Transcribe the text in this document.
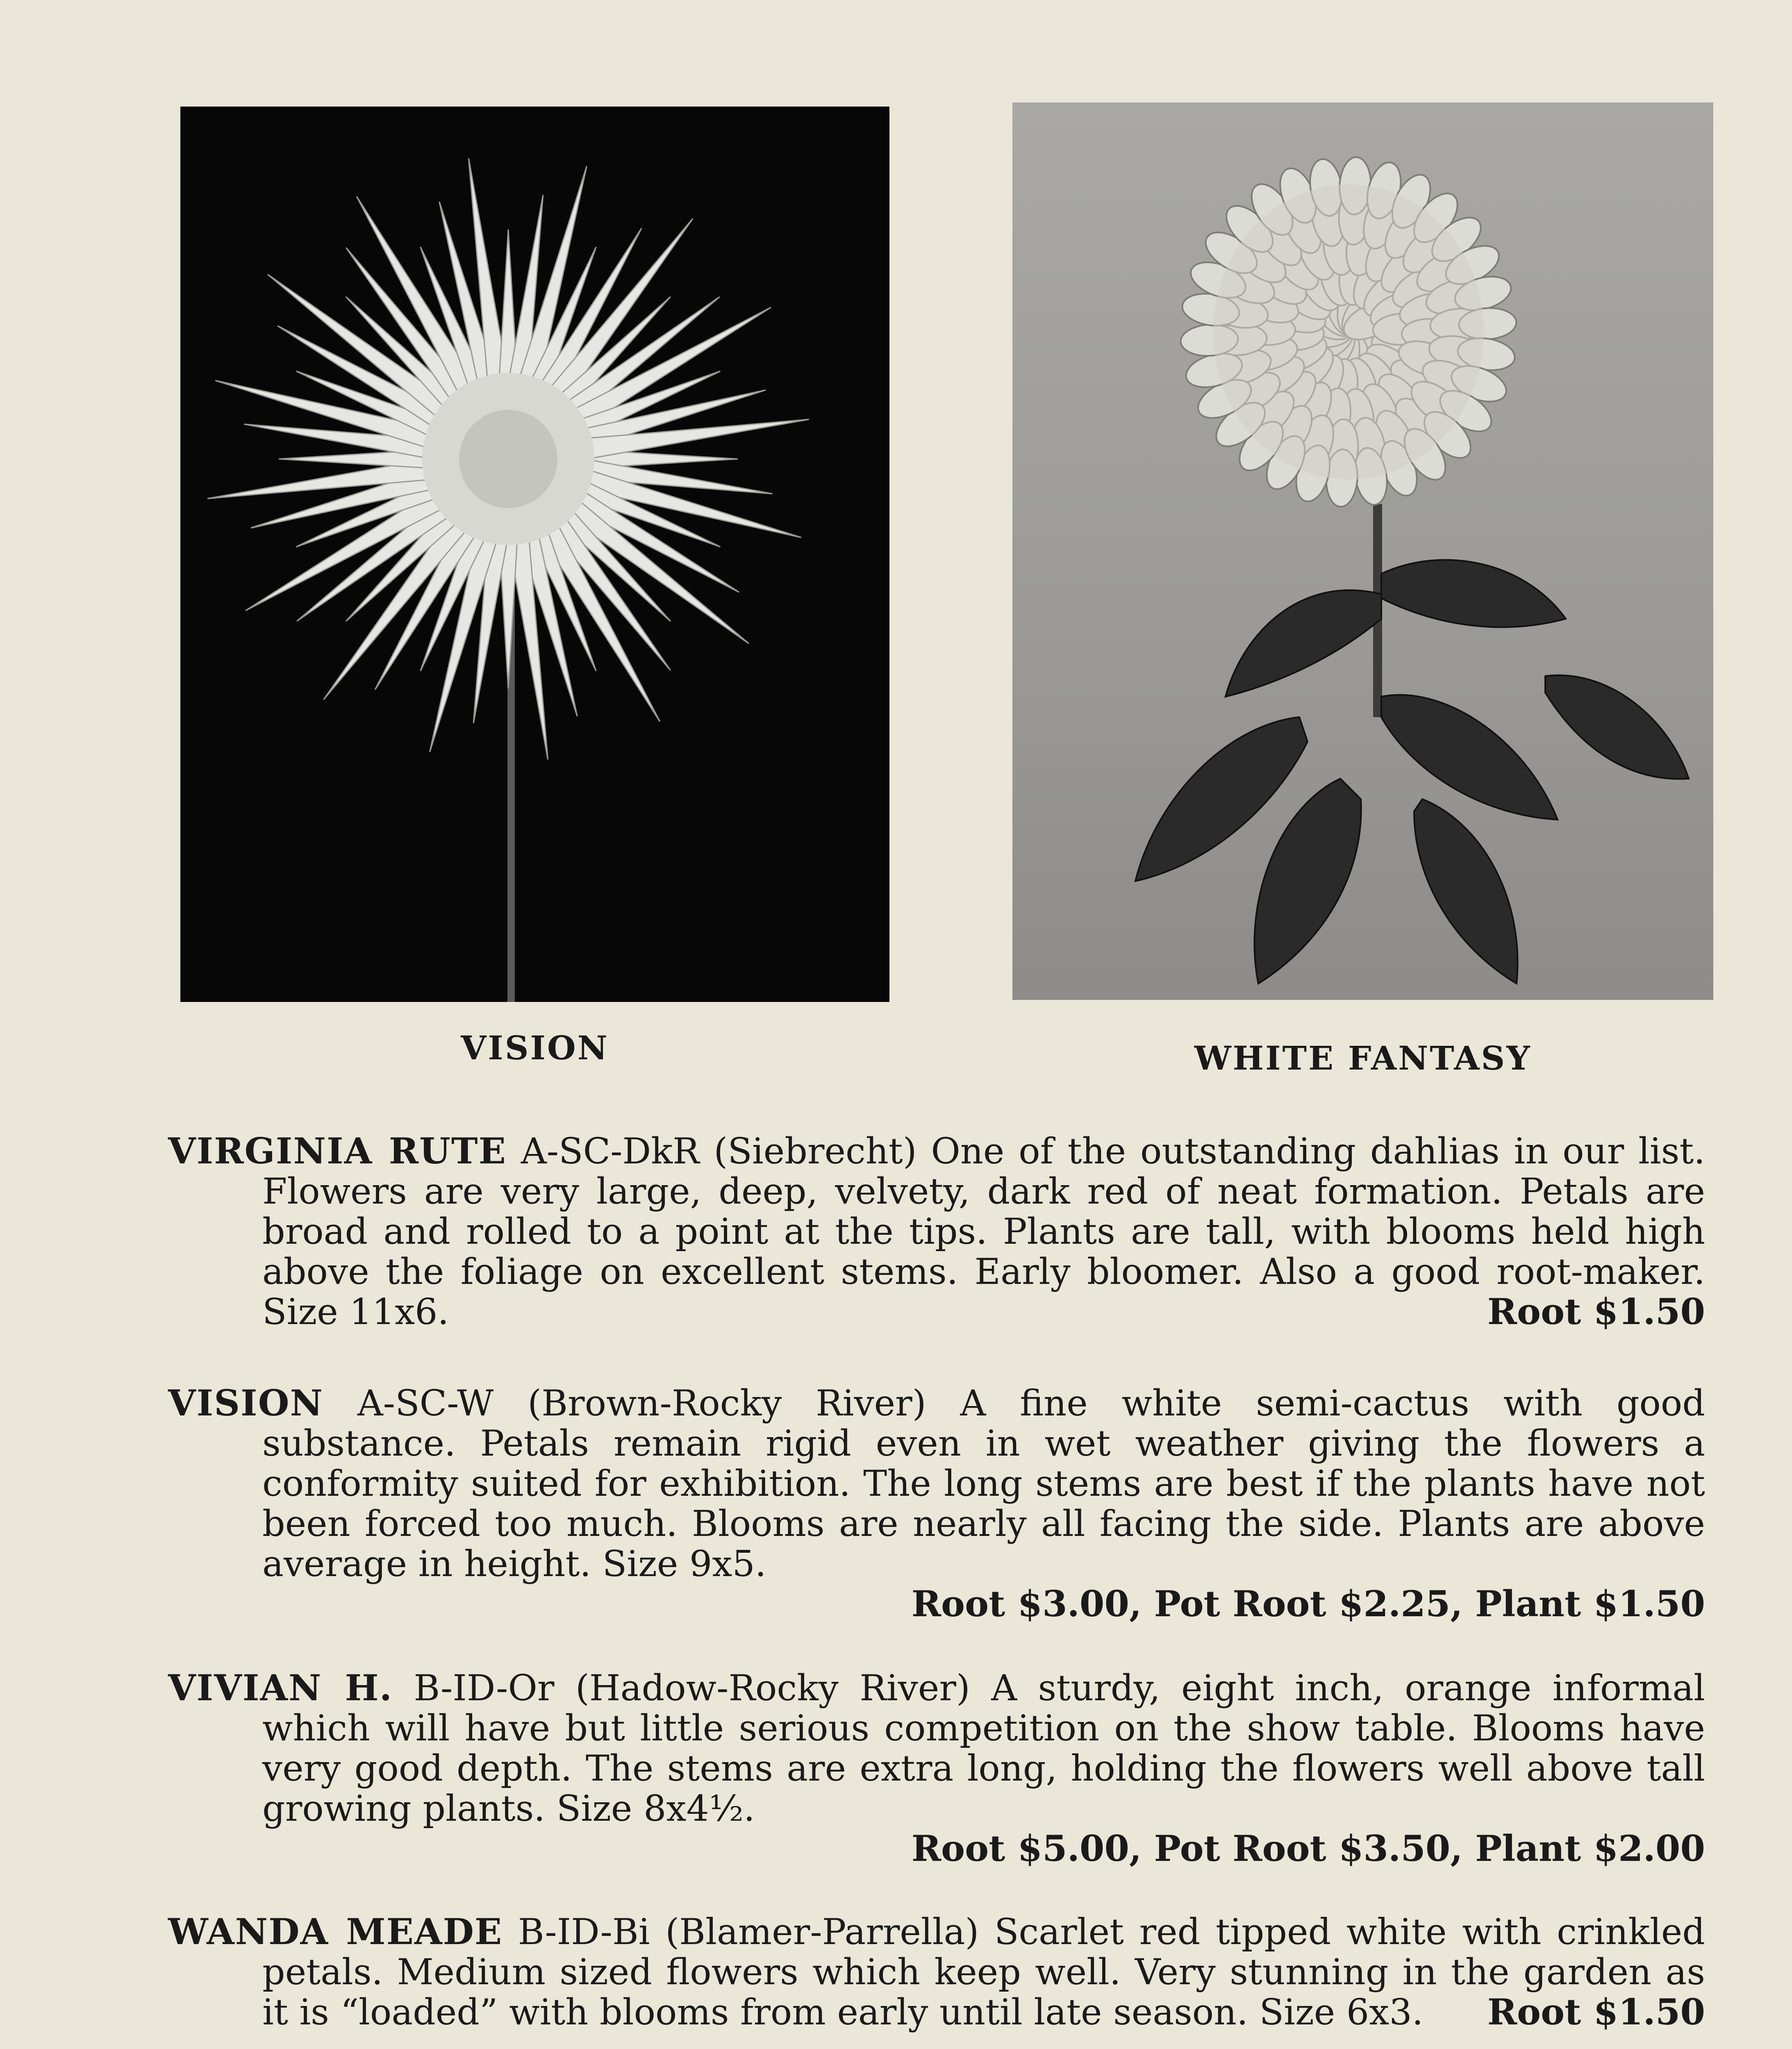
VISION	WHITE FANTASY

VIRGINIA RUTE A-SC-DkR (Siebrecht) One of the outstanding dahlias in our list. Flowers are very large, deep, velvety, dark red of neat formation. Petals are broad and rolled to a point at the tips. Plants are tall, with blooms held high above the foliage on excellent stems. Early bloomer. Also a good root-maker. Size 11x6.	Root $1.50

VISION A-SC-W (Brown-Rocky River) A fine white semi-cactus with good substance. Petals remain rigid even in wet weather giving the flowers a conformity suited for exhibition. The long stems are best if the plants have not been forced too much. Blooms are nearly all facing the side. Plants are above average in height. Size 9x5.

Root $3.00, Pot Root $2.25, Plant $1.50

VIVIAN H. B-ID-Or (Hadow-Rocky River) A sturdy, eight inch, orange informal which will have but little serious competition on the show table. Blooms have very good depth. The stems are extra long, holding the flowers well above tall growing plants. Size 8x4½.

Root $5.00, Pot Root $3.50, Plant $2.00

WANDA MEADE B-ID-Bi (Blamer-Parrella) Scarlet red tipped white with crinkled petals. Medium sized flowers which keep well. Very stunning in the garden as it is “loaded” with blooms from early until late season. Size 6x3. Root $1.50
